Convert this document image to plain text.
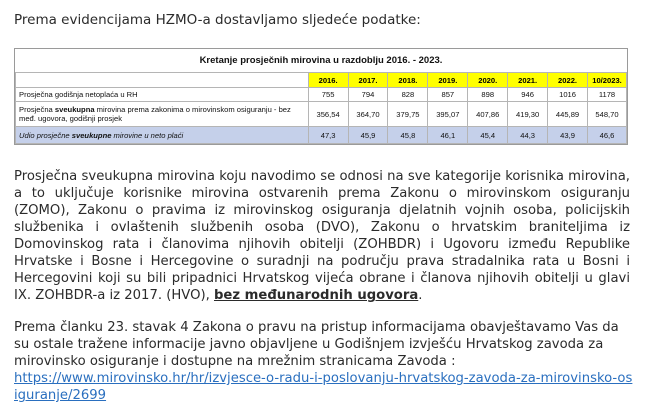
Prema evidencijama HZMO-a dostavljamo sljedeće podatke:
Kretanje prosječnih mirovina u razdoblju 2016. - 2023.
	2016.	2017.	2018.	2019.	2020.	2021.	2022.	10/2023.
Prosječna godišnja netoplaća u RH	755	794	828	857	898	946	1016	1178
Prosječna sveukupna mirovina prema zakonima o mirovinskom osiguranju - bez međ. ugovora, godišnji prosjek	356,54	364,70	379,75	395,07	407,86	419,30	445,89	548,70
Udio prosječne sveukupne mirovine u neto plaći	47,3	45,9	45,8	46,1	45,4	44,3	43,9	46,6

Prosječna sveukupna mirovina koju navodimo se odnosi na sve kategorije korisnika mirovina, a to uključuje korisnike mirovina ostvarenih prema Zakonu o mirovinskom osiguranju (ZOMO), Zakonu o pravima iz mirovinskog osiguranja djelatnih vojnih osoba, policijskih službenika i ovlaštenih službenih osoba (DVO), Zakonu o hrvatskim braniteljima iz Domovinskog rata i članovima njihovih obitelji (ZOHBDR) i Ugovoru između Republike Hrvatske i Bosne i Hercegovine o suradnji na području prava stradalnika rata u Bosni i Hercegovini koji su bili pripadnici Hrvatskog vijeća obrane i članova njihovih obitelji u glavi IX. ZOHBDR-a iz 2017. (HVO), bez međunarodnih ugovora.

Prema članku 23. stavak 4 Zakona o pravu na pristup informacijama obavještavamo Vas da su ostale tražene informacije javno objavljene u Godišnjem izvješću Hrvatskog zavoda za mirovinsko osiguranje i dostupne na mrežnim stranicama Zavoda :

https://www.mirovinsko.hr/hr/izvjesce-o-radu-i-poslovanju-hrvatskog-zavoda-za-mirovinsko-osiguranje/2699
